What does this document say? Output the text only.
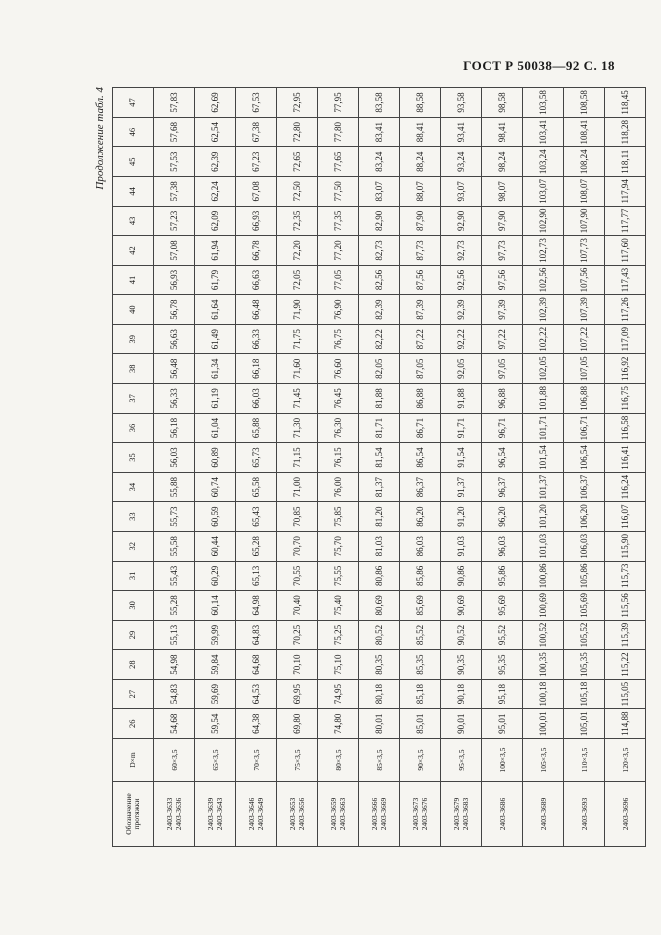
ГОСТ Р 50038—92 С. 18
Продолжение табл. 4
Обозначение протяжки	D×m	26	27	28	29	30	31	32	33	34	35	36	37	38	39	40	41	42	43	44	45	46	47
2403-3633
2403-3636	60×3,5	54,68	54,83	54,98	55,13	55,28	55,43	55,58	55,73	55,88	56,03	56,18	56,33	56,48	56,63	56,78	56,93	57,08	57,23	57,38	57,53	57,68	57,83
2403-3639
2403-3643	65×3,5	59,54	59,69	59,84	59,99	60,14	60,29	60,44	60,59	60,74	60,89	61,04	61,19	61,34	61,49	61,64	61,79	61,94	62,09	62,24	62,39	62,54	62,69
2403-3646
2403-3649	70×3,5	64,38	64,53	64,68	64,83	64,98	65,13	65,28	65,43	65,58	65,73	65,88	66,03	66,18	66,33	66,48	66,63	66,78	66,93	67,08	67,23	67,38	67,53
2403-3653
2403-3656	75×3,5	69,80	69,95	70,10	70,25	70,40	70,55	70,70	70,85	71,00	71,15	71,30	71,45	71,60	71,75	71,90	72,05	72,20	72,35	72,50	72,65	72,80	72,95
2403-3659
2403-3663	80×3,5	74,80	74,95	75,10	75,25	75,40	75,55	75,70	75,85	76,00	76,15	76,30	76,45	76,60	76,75	76,90	77,05	77,20	77,35	77,50	77,65	77,80	77,95
2403-3666
2403-3669	85×3,5	80,01	80,18	80,35	80,52	80,69	80,86	81,03	81,20	81,37	81,54	81,71	81,88	82,05	82,22	82,39	82,56	82,73	82,90	83,07	83,24	83,41	83,58
2403-3673
2403-3676	90×3,5	85,01	85,18	85,35	85,52	85,69	85,86	86,03	86,20	86,37	86,54	86,71	86,88	87,05	87,22	87,39	87,56	87,73	87,90	88,07	88,24	88,41	88,58
2403-3679
2403-3683	95×3,5	90,01	90,18	90,35	90,52	90,69	90,86	91,03	91,20	91,37	91,54	91,71	91,88	92,05	92,22	92,39	92,56	92,73	92,90	93,07	93,24	93,41	93,58
2403-3686	100×3,5	95,01	95,18	95,35	95,52	95,69	95,86	96,03	96,20	96,37	96,54	96,71	96,88	97,05	97,22	97,39	97,56	97,73	97,90	98,07	98,24	98,41	98,58
2403-3689	105×3,5	100,01	100,18	100,35	100,52	100,69	100,86	101,03	101,20	101,37	101,54	101,71	101,88	102,05	102,22	102,39	102,56	102,73	102,90	103,07	103,24	103,41	103,58
2403-3693	110×3,5	105,01	105,18	105,35	105,52	105,69	105,86	106,03	106,20	106,37	106,54	106,71	106,88	107,05	107,22	107,39	107,56	107,73	107,90	108,07	108,24	108,41	108,58
2403-3696	120×3,5	114,88	115,05	115,22	115,39	115,56	115,73	115,90	116,07	116,24	116,41	116,58	116,75	116,92	117,09	117,26	117,43	117,60	117,77	117,94	118,11	118,28	118,45
